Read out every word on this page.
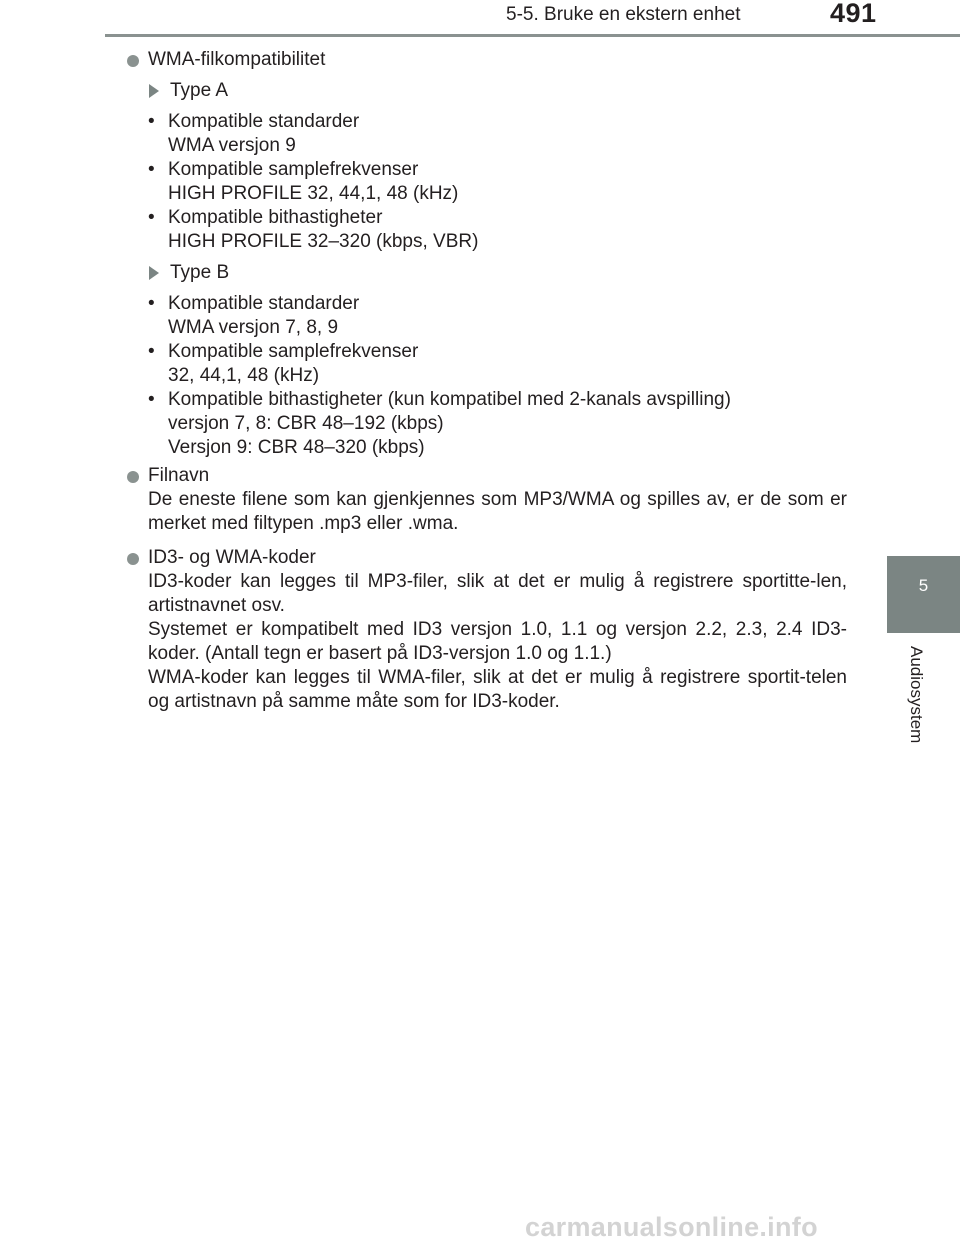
5-5. Bruke en ekstern enhet	491
5
Audiosystem
WMA-filkompatibilitet
Type A
• Kompatible standarder
WMA versjon 9
• Kompatible samplefrekvenser
HIGH PROFILE 32, 44,1, 48 (kHz)
• Kompatible bithastigheter
HIGH PROFILE 32–320 (kbps, VBR)
Type B
• Kompatible standarder
WMA versjon 7, 8, 9
• Kompatible samplefrekvenser
32, 44,1, 48 (kHz)
• Kompatible bithastigheter (kun kompatibel med 2-kanals avspilling)
versjon 7, 8: CBR 48–192 (kbps)
Versjon 9: CBR 48–320 (kbps)
Filnavn
De eneste filene som kan gjenkjennes som MP3/WMA og spilles av, er de som er merket med filtypen .mp3 eller .wma.
ID3- og WMA-koder
ID3-koder kan legges til MP3-filer, slik at det er mulig å registrere sportitte-len, artistnavnet osv.
Systemet er kompatibelt med ID3 versjon 1.0, 1.1 og versjon 2.2, 2.3, 2.4 ID3-koder. (Antall tegn er basert på ID3-versjon 1.0 og 1.1.)
WMA-koder kan legges til WMA-filer, slik at det er mulig å registrere sportit-telen og artistnavn på samme måte som for ID3-koder.
carmanualsonline.info
